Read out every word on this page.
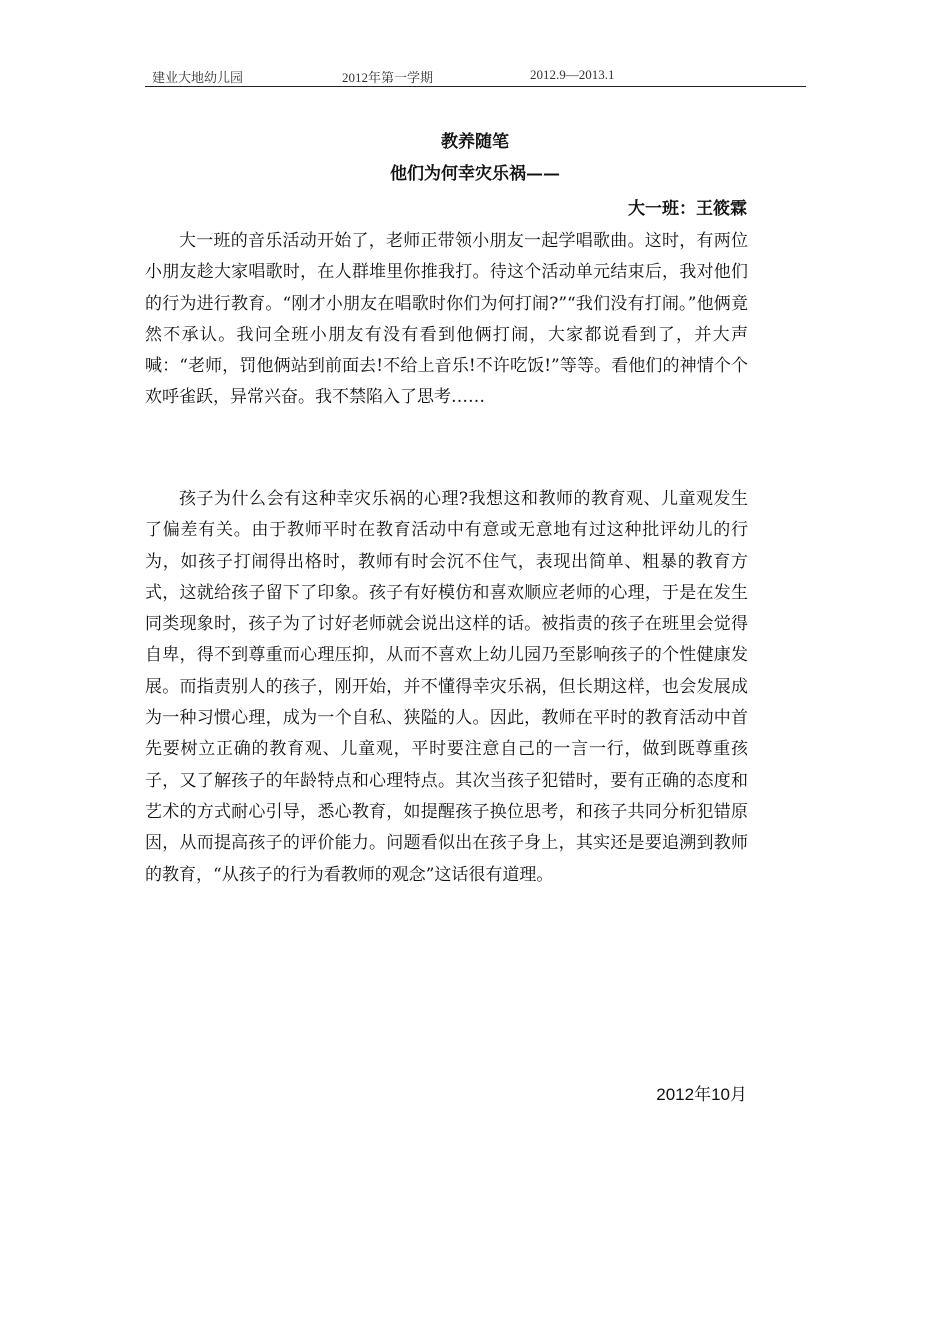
建业大地幼儿园	2012年第一学期	2012.9—2013.1
教养随笔
他们为何幸灾乐祸——
大一班：王筱霖

大一班的音乐活动开始了，老师正带领小朋友一起学唱歌曲。这时，有两位小朋友趁大家唱歌时，在人群堆里你推我打。待这个活动单元结束后，我对他们的行为进行教育。“刚才小朋友在唱歌时你们为何打闹?”“我们没有打闹。”他俩竟然不承认。我问全班小朋友有没有看到他俩打闹，大家都说看到了，并大声喊：“老师，罚他俩站到前面去!不给上音乐!不许吃饭!”等等。看他们的神情个个欢呼雀跃，异常兴奋。我不禁陷入了思考……

孩子为什么会有这种幸灾乐祸的心理?我想这和教师的教育观、儿童观发生了偏差有关。由于教师平时在教育活动中有意或无意地有过这种批评幼儿的行为，如孩子打闹得出格时，教师有时会沉不住气，表现出简单、粗暴的教育方式，这就给孩子留下了印象。孩子有好模仿和喜欢顺应老师的心理，于是在发生同类现象时，孩子为了讨好老师就会说出这样的话。被指责的孩子在班里会觉得自卑，得不到尊重而心理压抑，从而不喜欢上幼儿园乃至影响孩子的个性健康发展。而指责别人的孩子，刚开始，并不懂得幸灾乐祸，但长期这样，也会发展成为一种习惯心理，成为一个自私、狭隘的人。因此，教师在平时的教育活动中首先要树立正确的教育观、儿童观，平时要注意自己的一言一行，做到既尊重孩子，又了解孩子的年龄特点和心理特点。其次当孩子犯错时，要有正确的态度和艺术的方式耐心引导，悉心教育，如提醒孩子换位思考，和孩子共同分析犯错原因，从而提高孩子的评价能力。问题看似出在孩子身上，其实还是要追溯到教师的教育，“从孩子的行为看教师的观念”这话很有道理。

2012年10月
